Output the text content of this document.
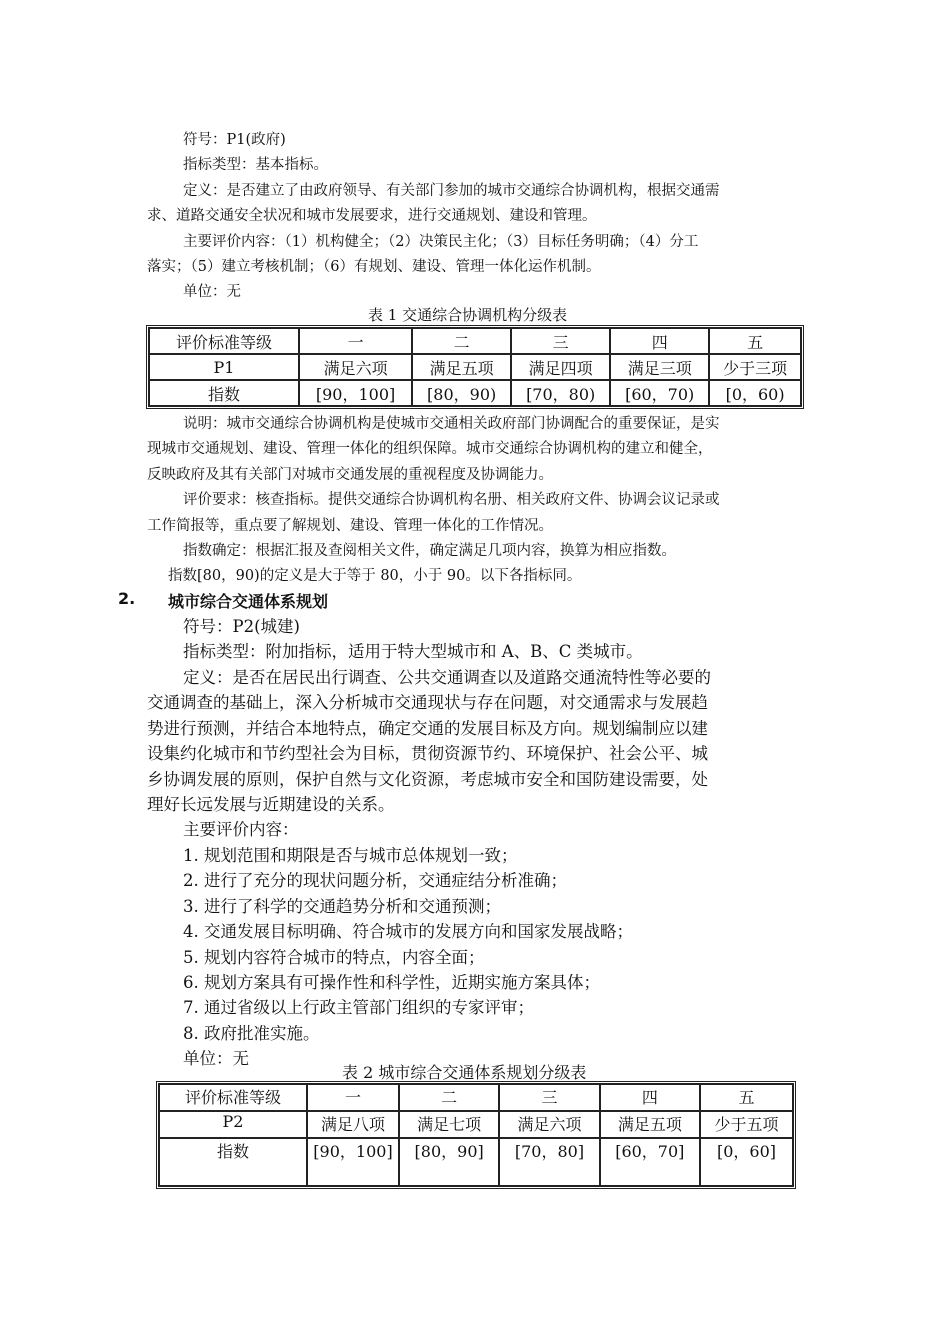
符号：P1(政府)
指标类型：基本指标。
定义：是否建立了由政府领导、有关部门参加的城市交通综合协调机构，根据交通需
求、道路交通安全状况和城市发展要求，进行交通规划、建设和管理。
主要评价内容：（1）机构健全；（2）决策民主化；（3）目标任务明确；（4）分工
落实；（5）建立考核机制；（6）有规划、建设、管理一体化运作机制。
单位：无
表 1 交通综合协调机构分级表
评价标准等级	一	二	三	四	五
P1	满足六项	满足五项	满足四项	满足三项	少于三项
指数	[90，100]	[80，90)	[70，80)	[60，70)	[0，60)
说明：城市交通综合协调机构是使城市交通相关政府部门协调配合的重要保证，是实
现城市交通规划、建设、管理一体化的组织保障。城市交通综合协调机构的建立和健全，
反映政府及其有关部门对城市交通发展的重视程度及协调能力。
评价要求：核查指标。提供交通综合协调机构名册、相关政府文件、协调会议记录或
工作简报等，重点要了解规划、建设、管理一体化的工作情况。
指数确定：根据汇报及查阅相关文件，确定满足几项内容，换算为相应指数。
指数[80，90)的定义是大于等于 80，小于 90。以下各指标同。
2. 城市综合交通体系规划
符号：P2(城建)
指标类型：附加指标，适用于特大型城市和 A、B、C 类城市。
定义：是否在居民出行调查、公共交通调查以及道路交通流特性等必要的
交通调查的基础上，深入分析城市交通现状与存在问题，对交通需求与发展趋
势进行预测，并结合本地特点，确定交通的发展目标及方向。规划编制应以建
设集约化城市和节约型社会为目标，贯彻资源节约、环境保护、社会公平、城
乡协调发展的原则，保护自然与文化资源，考虑城市安全和国防建设需要，处
理好长远发展与近期建设的关系。
主要评价内容：
1. 规划范围和期限是否与城市总体规划一致；
2. 进行了充分的现状问题分析，交通症结分析准确；
3. 进行了科学的交通趋势分析和交通预测；
4. 交通发展目标明确、符合城市的发展方向和国家发展战略；
5. 规划内容符合城市的特点，内容全面；
6. 规划方案具有可操作性和科学性，近期实施方案具体；
7. 通过省级以上行政主管部门组织的专家评审；
8. 政府批准实施。
单位：无
表 2 城市综合交通体系规划分级表
评价标准等级	一	二	三	四	五
P2	满足八项	满足七项	满足六项	满足五项	少于五项
指数	[90，100]	[80，90]	[70，80]	[60，70]	[0，60]
